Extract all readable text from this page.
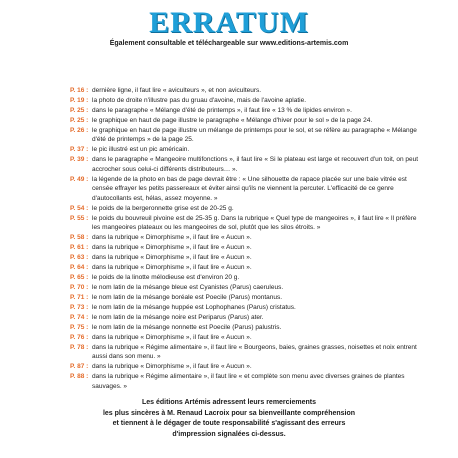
ERRATUM
Également consultable et téléchargeable sur www.editions-artemis.com
P. 16 : dernière ligne, il faut lire « aviculteurs », et non aviculteurs.
P. 19 : la photo de droite n'illustre pas du gruau d'avoine, mais de l'avoine aplatie.
P. 25 : dans le paragraphe « Mélange d'été de printemps », il faut lire « 13 % de lipides environ ».
P. 25 : le graphique en haut de page illustre le paragraphe « Mélange d'hiver pour le sol » de la page 24.
P. 26 : le graphique en haut de page illustre un mélange de printemps pour le sol, et se réfère au paragraphe « Mélange d'été de printemps » de la page 25.
P. 37 : le pic illustré est un pic américain.
P. 39 : dans le paragraphe « Mangeoire multifonctions », il faut lire « Si le plateau est large et recouvert d'un toit, on peut accrocher sous celui-ci différents distributeurs… ».
P. 49 : la légende de la photo en bas de page devrait être : « Une silhouette de rapace placée sur une baie vitrée est censée effrayer les petits passereaux et éviter ainsi qu'ils ne viennent la percuter. L'efficacité de ce genre d'autocollants est, hélas, assez moyenne. »
P. 54 : le poids de la bergeronnette grise est de 20-25 g.
P. 55 : le poids du bouvreuil pivoine est de 25-35 g. Dans la rubrique « Quel type de mangeoires », il faut lire « Il préfère les mangeoires plateaux ou les mangeoires de sol, plutôt que les silos étroits. »
P. 58 : dans la rubrique « Dimorphisme », il faut lire « Aucun ».
P. 61 : dans la rubrique « Dimorphisme », il faut lire « Aucun ».
P. 63 : dans la rubrique « Dimorphisme », il faut lire « Aucun ».
P. 64 : dans la rubrique « Dimorphisme », il faut lire « Aucun ».
P. 65 : le poids de la linotte mélodieuse est d'environ 20 g.
P. 70 : le nom latin de la mésange bleue est Cyanistes (Parus) caeruleus.
P. 71 : le nom latin de la mésange boréale est Poecile (Parus) montanus.
P. 73 : le nom latin de la mésange huppée est Lophophanes (Parus) cristatus.
P. 74 : le nom latin de la mésange noire est Periparus (Parus) ater.
P. 75 : le nom latin de la mésange nonnette est Poecile (Parus) palustris.
P. 76 : dans la rubrique « Dimorphisme », il faut lire « Aucun ».
P. 78 : dans la rubrique « Régime alimentaire », il faut lire « Bourgeons, baies, graines grasses, noisettes et noix entrent aussi dans son menu. »
P. 87 : dans la rubrique « Dimorphisme », il faut lire « Aucun ».
P. 88 : dans la rubrique « Régime alimentaire », il faut lire « et complète son menu avec diverses graines de plantes sauvages. »
Les éditions Artémis adressent leurs remerciements
les plus sincères à M. Renaud Lacroix pour sa bienveillante compréhension
et tiennent à le dégager de toute responsabilité s'agissant des erreurs
d'impression signalées ci-dessus.
